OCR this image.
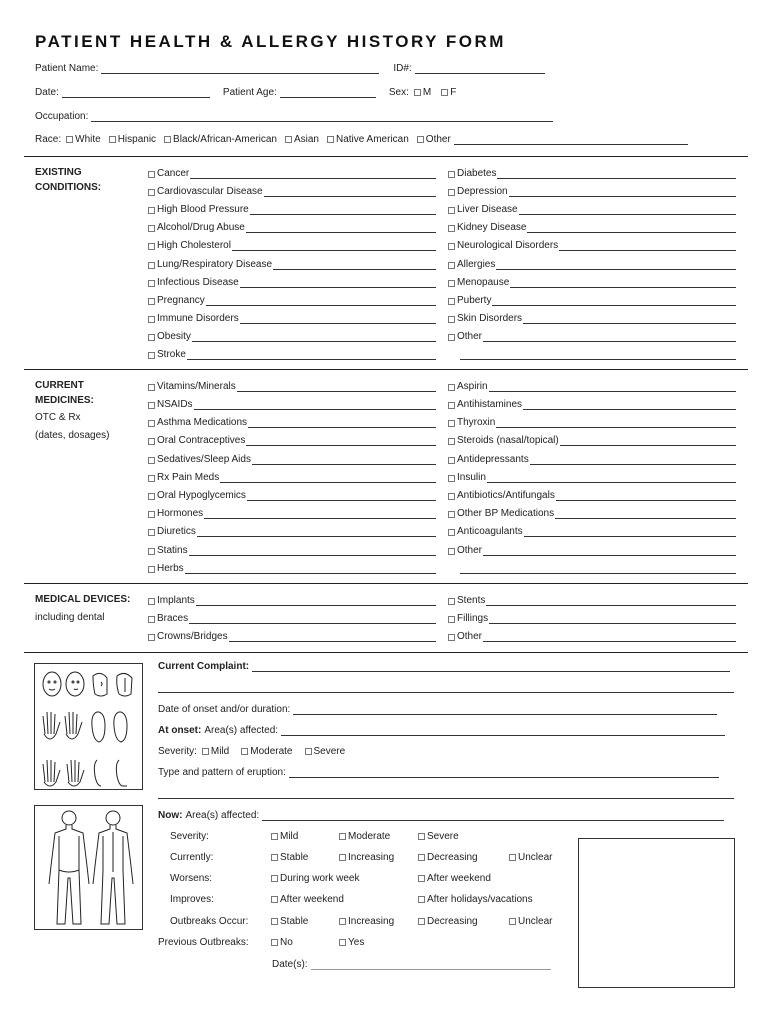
PATIENT HEALTH & ALLERGY HISTORY FORM
Patient Name:	ID#:
Date:	Patient Age:	Sex: M F
Occupation:
Race: White Hispanic Black/African-American Asian Native American Other
EXISTING
CONDITIONS:
Cancer
Cardiovascular Disease
High Blood Pressure
Alcohol/Drug Abuse
High Cholesterol
Lung/Respiratory Disease
Infectious Disease
Pregnancy
Immune Disorders
Obesity
Stroke
Diabetes
Depression
Liver Disease
Kidney Disease
Neurological Disorders
Allergies
Menopause
Puberty
Skin Disorders
Other
CURRENT
MEDICINES:
OTC & Rx
(dates, dosages)
Vitamins/Minerals
NSAIDs
Asthma Medications
Oral Contraceptives
Sedatives/Sleep Aids
Rx Pain Meds
Oral Hypoglycemics
Hormones
Diuretics
Statins
Herbs
Aspirin
Antihistamines
Thyroxin
Steroids (nasal/topical)
Antidepressants
Insulin
Antibiotics/Antifungals
Other BP Medications
Anticoagulants
Other
MEDICAL DEVICES:
including dental
Implants
Braces
Crowns/Bridges
Stents
Fillings
Other
Current Complaint:
Date of onset and/or duration:
At onset: Area(s) affected:
Severity: Mild Moderate Severe
Type and pattern of eruption:
Now: Area(s) affected:
Severity:	Mild	Moderate	Severe
Currently:	Stable	Increasing	Decreasing	Unclear
Worsens:	During work week	After weekend
Improves:	After weekend	After holidays/vacations
Outbreaks Occur:	Stable	Increasing	Decreasing	Unclear
Previous Outbreaks:	No	Yes
Date(s):
